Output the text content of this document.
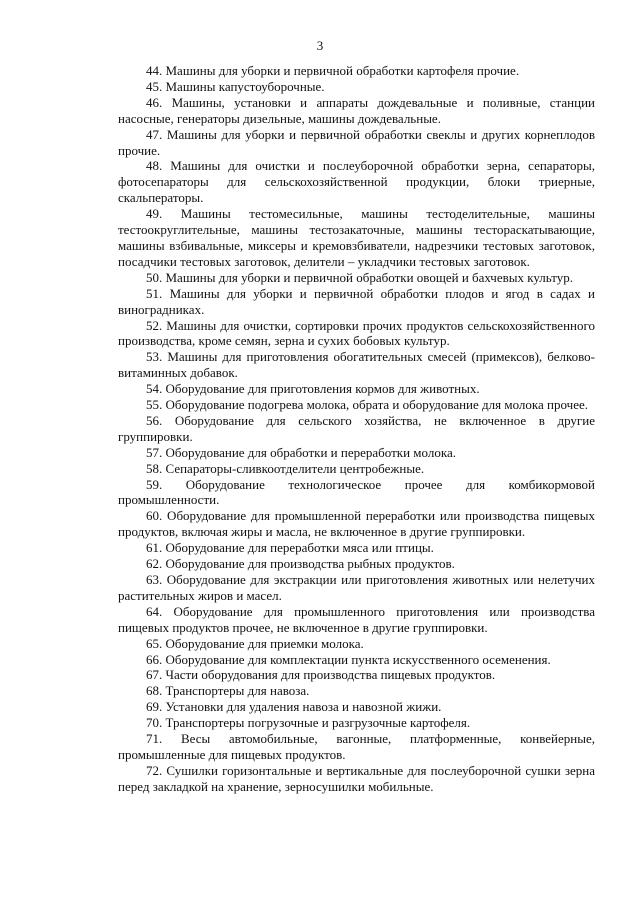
3

44. Машины для уборки и первичной обработки картофеля прочие.

45. Машины капустоуборочные.

46. Машины, установки и аппараты дождевальные и поливные, станции насосные, генераторы дизельные, машины дождевальные.

47. Машины для уборки и первичной обработки свеклы и других корнеплодов прочие.

48. Машины для очистки и послеуборочной обработки зерна, сепараторы, фотосепараторы для сельскохозяйственной продукции, блоки триерные, скальператоры.

49. Машины тестомесильные, машины тестоделительные, машины тестоокруглительные, машины тестозакаточные, машины тестораскатывающие, машины взбивальные, миксеры и кремовзбиватели, надрезчики тестовых заготовок, посадчики тестовых заготовок, делители – укладчики тестовых заготовок.

50. Машины для уборки и первичной обработки овощей и бахчевых культур.

51. Машины для уборки и первичной обработки плодов и ягод в садах и виноградниках.

52. Машины для очистки, сортировки прочих продуктов сельскохозяйственного производства, кроме семян, зерна и сухих бобовых культур.

53. Машины для приготовления обогатительных смесей (примексов), белково-витаминных добавок.

54. Оборудование для приготовления кормов для животных.

55. Оборудование подогрева молока, обрата и оборудование для молока прочее.

56. Оборудование для сельского хозяйства, не включенное в другие группировки.

57. Оборудование для обработки и переработки молока.

58. Сепараторы-сливкоотделители центробежные.

59. Оборудование технологическое прочее для комбикормовой промышленности.

60. Оборудование для промышленной переработки или производства пищевых продуктов, включая жиры и масла, не включенное в другие группировки.

61. Оборудование для переработки мяса или птицы.

62. Оборудование для производства рыбных продуктов.

63. Оборудование для экстракции или приготовления животных или нелетучих растительных жиров и масел.

64. Оборудование для промышленного приготовления или производства пищевых продуктов прочее, не включенное в другие группировки.

65. Оборудование для приемки молока.

66. Оборудование для комплектации пункта искусственного осеменения.

67. Части оборудования для производства пищевых продуктов.

68. Транспортеры для навоза.

69. Установки для удаления навоза и навозной жижи.

70. Транспортеры погрузочные и разгрузочные картофеля.

71. Весы автомобильные, вагонные, платформенные, конвейерные, промышленные для пищевых продуктов.

72. Сушилки горизонтальные и вертикальные для послеуборочной сушки зерна перед закладкой на хранение, зерносушилки мобильные.
